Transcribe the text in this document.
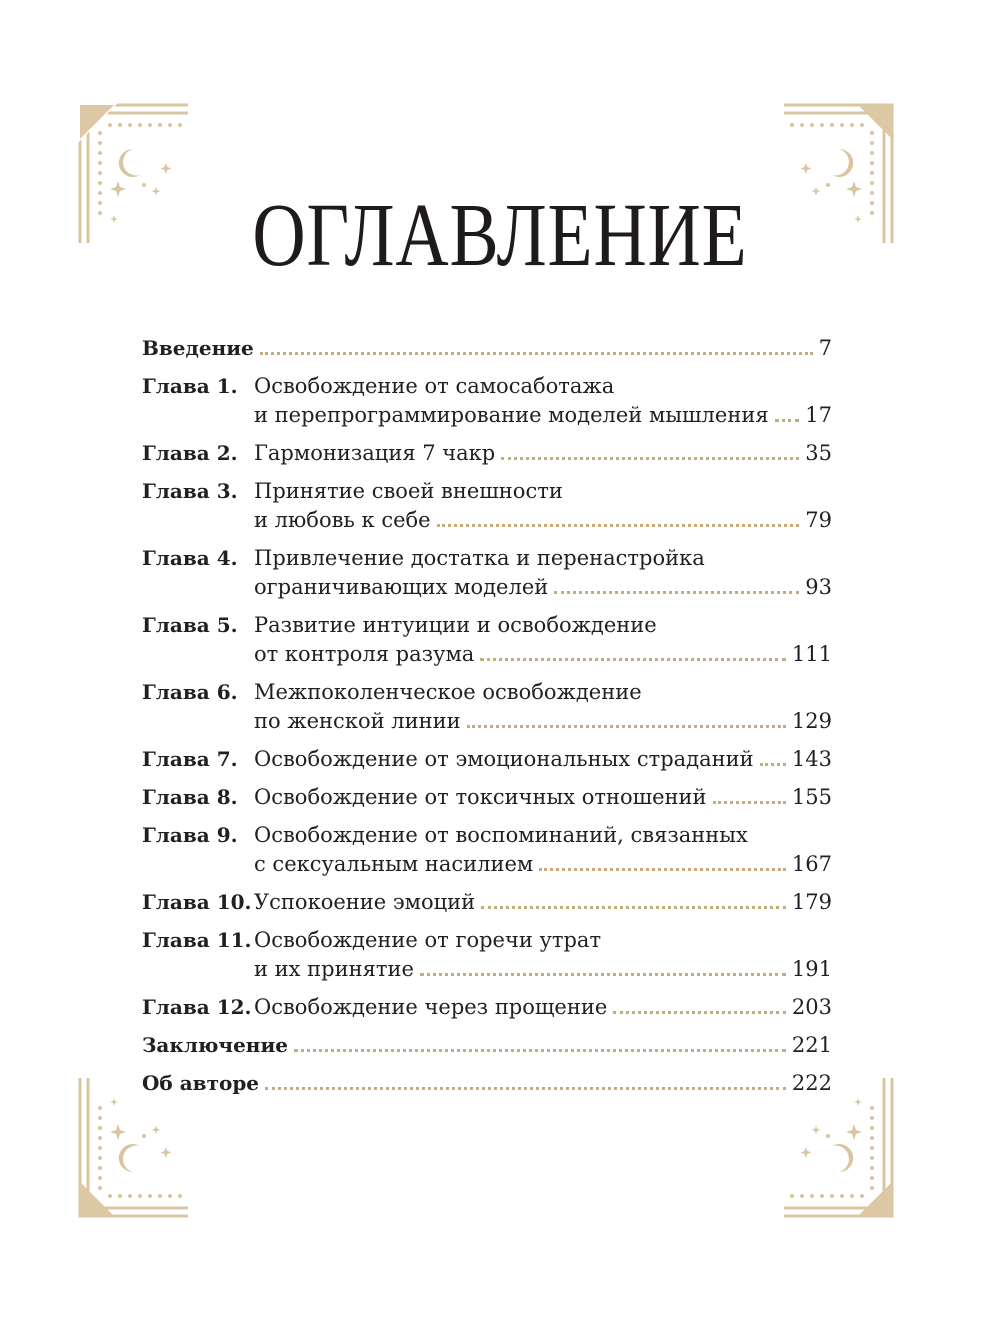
ОГЛАВЛЕНИЕ
Введение	7
Глава 1. Освобождение от самосаботажа
и перепрограммирование моделей мышления 17
Глава 2. Гармонизация 7 чакр	35
Глава 3. Принятие своей внешности
и любовь к себе	79
Глава 4. Привлечение достатка и перенастройка
ограничивающих моделей	93
Глава 5. Развитие интуиции и освобождение
от контроля разума	111
Глава 6. Межпоколенческое освобождение
по женской линии	129
Глава 7. Освобождение от эмоциональных страданий 143
Глава 8. Освобождение от токсичных отношений	155
Глава 9. Освобождение от воспоминаний, связанных
с сексуальным насилием	167
Глава 10. Успокоение эмоций	179
Глава 11. Освобождение от горечи утрат
и их принятие	191
Глава 12. Освобождение через прощение	203
Заключение	221
Об авторе	222
